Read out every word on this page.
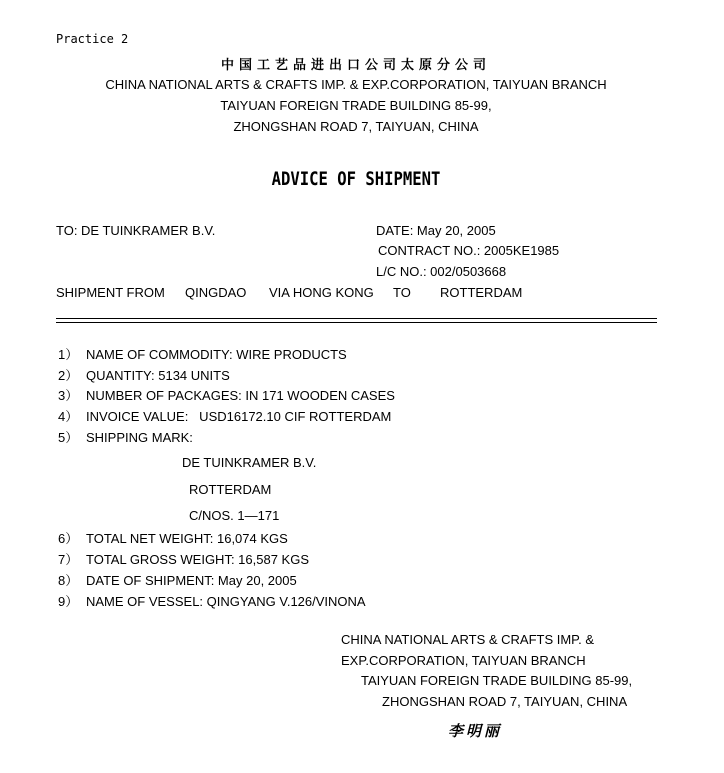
Practice 2
中国工艺品进出口公司太原分公司
CHINA NATIONAL ARTS & CRAFTS IMP. & EXP.CORPORATION, TAIYUAN BRANCH
TAIYUAN FOREIGN TRADE BUILDING 85-99,
ZHONGSHAN ROAD 7, TAIYUAN, CHINA
ADVICE OF SHIPMENT
TO: DE TUINKRAMER B.V.	DATE: May 20, 2005
CONTRACT NO.: 2005KE1985
L/C NO.: 002/0503668
SHIPMENT FROM QINGDAO VIA HONG KONG TO ROTTERDAM
1） NAME OF COMMODITY: WIRE PRODUCTS
2） QUANTITY: 5134 UNITS
3） NUMBER OF PACKAGES: IN 171 WOODEN CASES
4） INVOICE VALUE:   USD16172.10 CIF ROTTERDAM
5） SHIPPING MARK:
DE TUINKRAMER B.V.
ROTTERDAM
C/NOS. 1—171
6） TOTAL NET WEIGHT: 16,074 KGS
7） TOTAL GROSS WEIGHT: 16,587 KGS
8） DATE OF SHIPMENT: May 20, 2005
9） NAME OF VESSEL: QINGYANG V.126/VINONA
CHINA NATIONAL ARTS & CRAFTS IMP. &
EXP.CORPORATION, TAIYUAN BRANCH
TAIYUAN FOREIGN TRADE BUILDING 85-99,
ZHONGSHAN ROAD 7, TAIYUAN, CHINA
李明丽
